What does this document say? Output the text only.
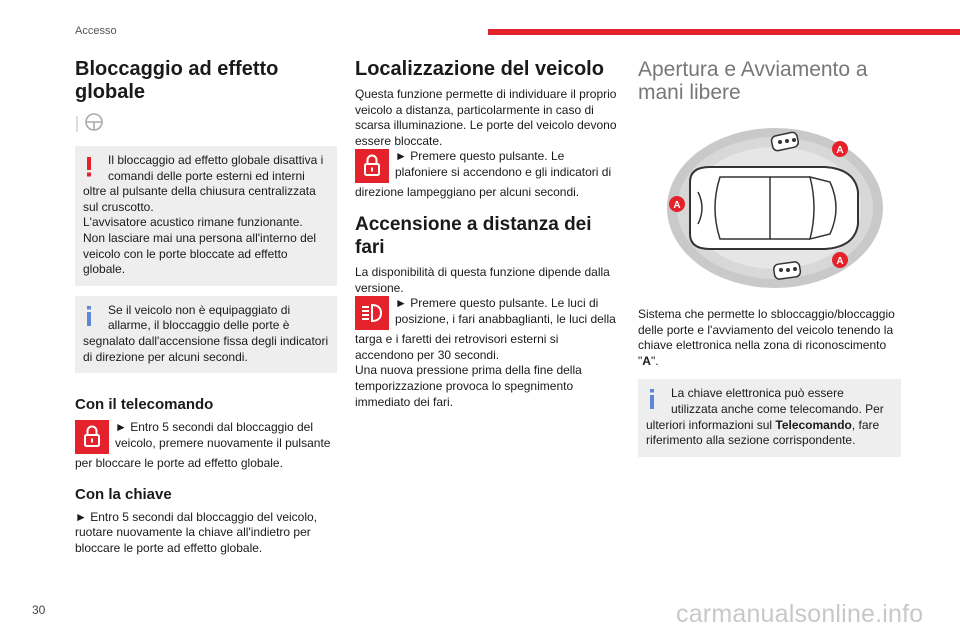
Accesso
Bloccaggio ad effetto globale
Il bloccaggio ad effetto globale disattiva i
comandi delle porte esterni ed interni
oltre al pulsante della chiusura centralizzata sul cruscotto.
L'avvisatore acustico rimane funzionante.
Non lasciare mai una persona all'interno del veicolo con le porte bloccate ad effetto globale.
Se il veicolo non è equipaggiato di
allarme, il bloccaggio delle porte è
segnalato dall'accensione fissa degli indicatori di direzione per alcuni secondi.
Con il telecomando

► Entro 5 secondi dal bloccaggio del

veicolo, premere nuovamente il pulsante

per bloccare le porte ad effetto globale.

Con la chiave

► Entro 5 secondi dal bloccaggio del veicolo, ruotare nuovamente la chiave all'indietro per bloccare le porte ad effetto globale.

Localizzazione del veicolo

Questa funzione permette di individuare il proprio veicolo a distanza, particolarmente in caso di scarsa illuminazione. Le porte del veicolo devono essere bloccate.

► Premere questo pulsante. Le

plafoniere si accendono e gli indicatori di

direzione lampeggiano per alcuni secondi.

Accensione a distanza dei fari

La disponibilità di questa funzione dipende dalla versione.

► Premere questo pulsante. Le luci di

posizione, i fari anabbaglianti, le luci della

targa e i faretti dei retrovisori esterni si accendono per 30 secondi.

Una nuova pressione prima della fine della temporizzazione provoca lo spegnimento immediato dei fari.

Apertura e Avviamento a mani libere
A
A
A

Sistema che permette lo sbloccaggio/bloccaggio delle porte e l'avviamento del veicolo tenendo la chiave elettronica nella zona di riconoscimento "A".

La chiave elettronica può essere
utilizzata anche come telecomando. Per
ulteriori informazioni sul Telecomando, fare riferimento alla sezione corrispondente.
30	carmanualsonline.info
